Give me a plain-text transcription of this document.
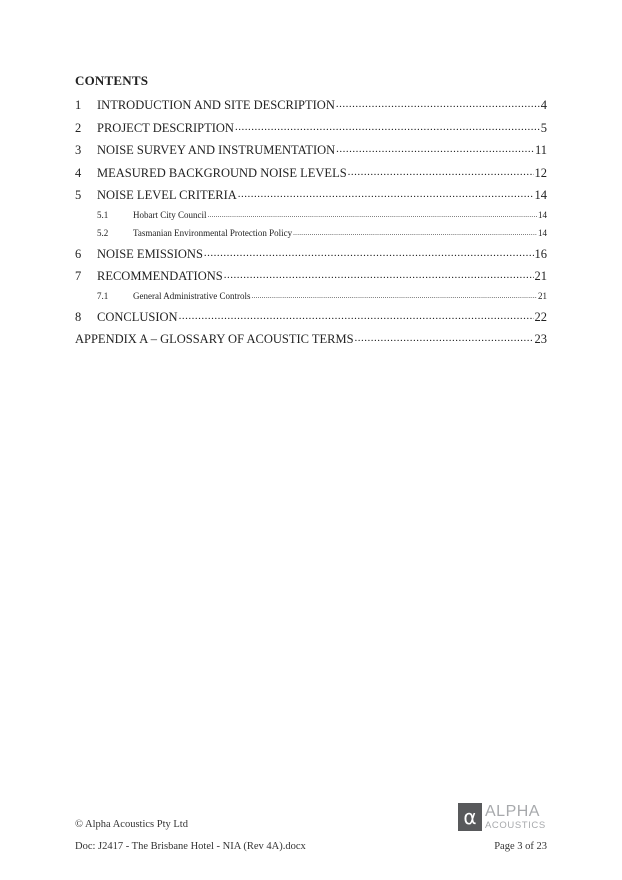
CONTENTS
1	INTRODUCTION AND SITE DESCRIPTION .....	4
2	PROJECT DESCRIPTION .....	5
3	NOISE SURVEY AND INSTRUMENTATION .....	11
4	MEASURED BACKGROUND NOISE LEVELS .....	12
5	NOISE LEVEL CRITERIA .....	14
5.1	Hobart City Council .....	14
5.2	Tasmanian Environmental Protection Policy .....	14
6	NOISE EMISSIONS .....	16
7	RECOMMENDATIONS .....	21
7.1	General Administrative Controls .....	21
8	CONCLUSION .....	22
APPENDIX A – GLOSSARY OF ACOUSTIC TERMS .....	23
α ALPHA
ACOUSTICS
© Alpha Acoustics Pty Ltd
Doc: J2417 - The Brisbane Hotel - NIA (Rev 4A).docx	Page 3 of 23
